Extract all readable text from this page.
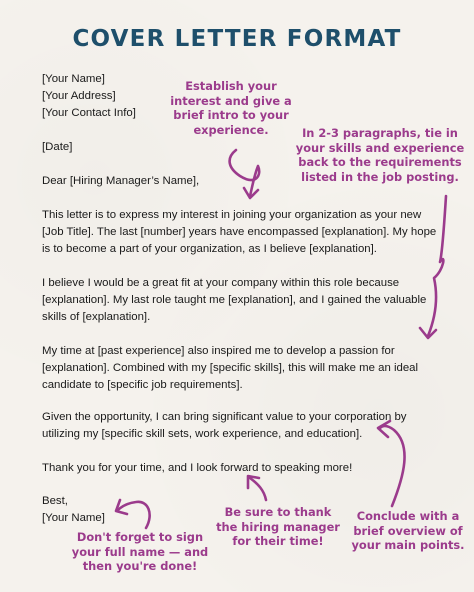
COVER LETTER FORMAT

[Your Name]

[Your Address]

[Your Contact Info]

[Date]
Dear [Hiring Manager’s Name],
This letter is to express my interest in joining your organization as your new [Job Title]. The last [number] years have encompassed [explanation]. My hope is to become a part of your organization, as I believe [explanation].
I believe I would be a great fit at your company within this role because [explanation]. My last role taught me [explanation], and I gained the valuable skills of [explanation].
My time at [past experience] also inspired me to develop a passion for [explanation]. Combined with my [specific skills], this will make me an ideal candidate to [specific job requirements].
Given the opportunity, I can bring significant value to your corporation by utilizing my [specific skill sets, work experience, and education].
Thank you for your time, and I look forward to speaking more!

Best,

[Your Name]

Establish your interest and give a brief intro to your experience.	In 2-3 paragraphs, tie in your skills and experience back to the requirements listed in the job posting.
Be sure to thank the hiring manager for their time!
Conclude with a brief overview of your main points.
Don't forget to sign your full name — and then you're done!
